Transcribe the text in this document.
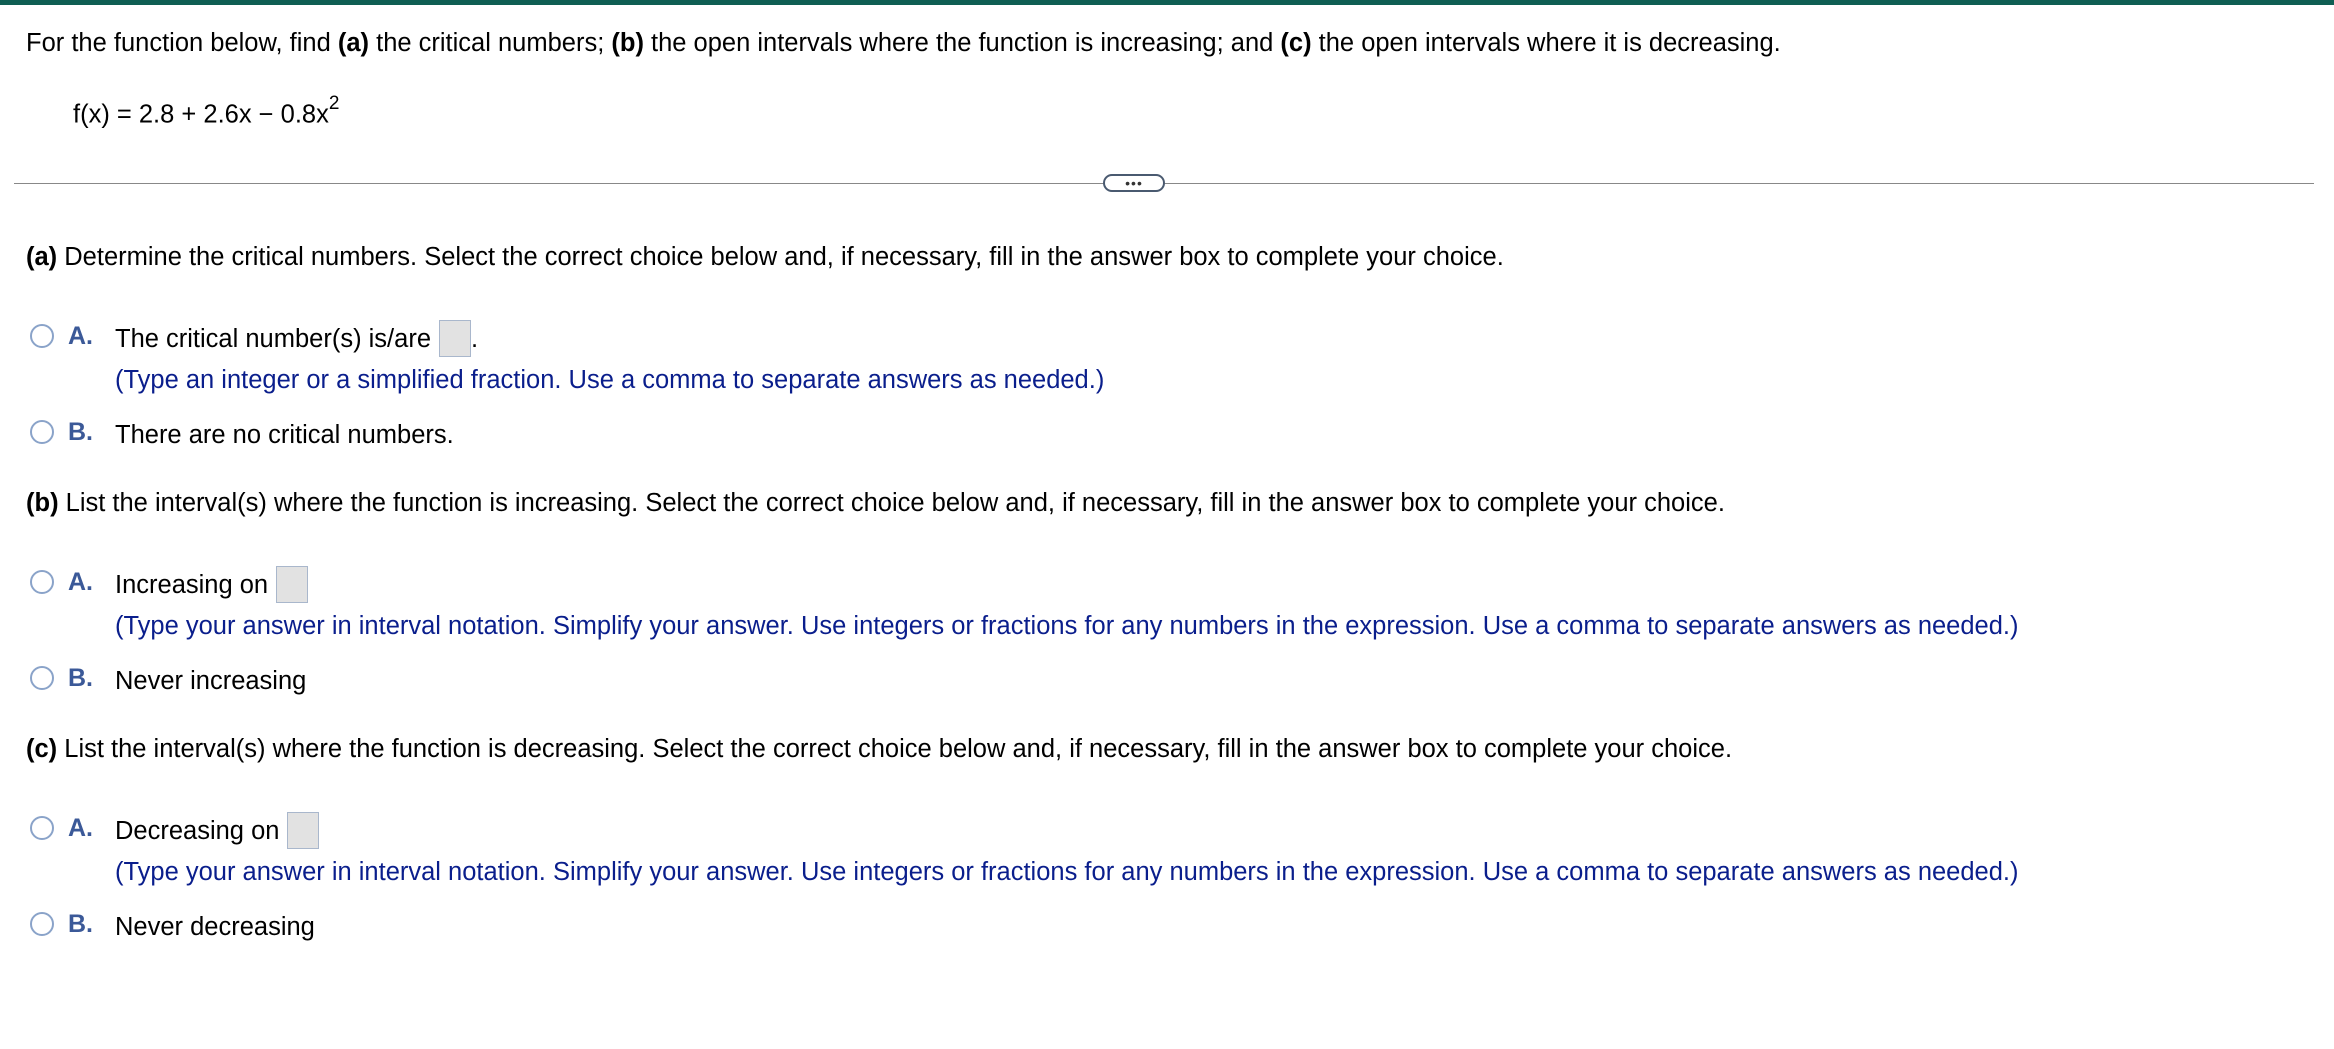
For the function below, find (a) the critical numbers; (b) the open intervals where the function is increasing; and (c) the open intervals where it is decreasing.
$f(x) = 2.8 + 2.6x - 0.8x^2$
•••
(a) Determine the critical numbers. Select the correct choice below and, if necessary, fill in the answer box to complete your choice.
A. The critical number(s) is/are .
(Type an integer or a simplified fraction. Use a comma to separate answers as needed.)
B. There are no critical numbers.
(b) List the interval(s) where the function is increasing. Select the correct choice below and, if necessary, fill in the answer box to complete your choice.
A. Increasing on
(Type your answer in interval notation. Simplify your answer. Use integers or fractions for any numbers in the expression. Use a comma to separate answers as needed.)
B. Never increasing
(c) List the interval(s) where the function is decreasing. Select the correct choice below and, if necessary, fill in the answer box to complete your choice.
A. Decreasing on
(Type your answer in interval notation. Simplify your answer. Use integers or fractions for any numbers in the expression. Use a comma to separate answers as needed.)
B. Never decreasing
